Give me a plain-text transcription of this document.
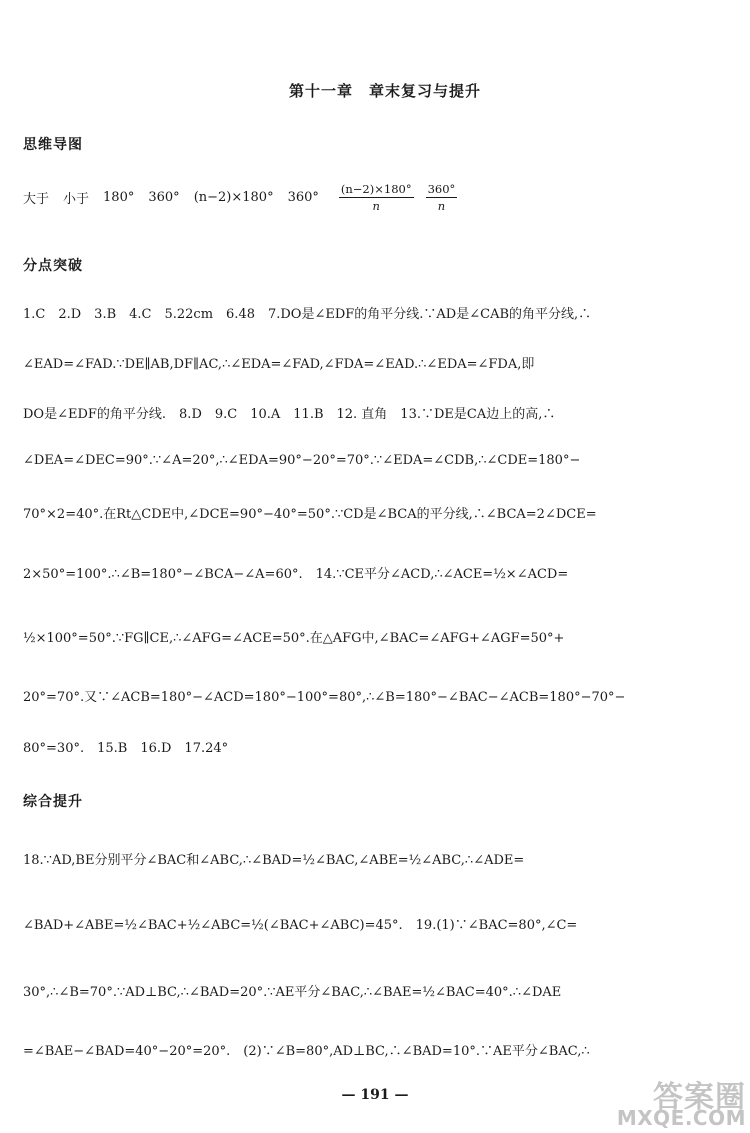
第十一章　章末复习与提升
思维导图
大于 小于 180° 360° (n−2)×180° $360^\circ \frac{(n-2)\times 180^\circ}{n} \frac{360^\circ}{n}$
分点突破
1.C　2.D　3.B　4.C　5.22cm　6.48　7.DO是∠EDF的角平分线.∵AD是∠CAB的角平分线,∴
∠EAD=∠FAD.∵DE∥AB,DF∥AC,∴∠EDA=∠FAD,∠FDA=∠EAD.∴∠EDA=∠FDA,即
DO是∠EDF的角平分线.　8.D　9.C　10.A　11.B　12. 直角　13.∵DE是CA边上的高,∴
∠DEA=∠DEC=90°.∵∠A=20°,∴∠EDA=90°−20°=70°.∵∠EDA=∠CDB,∴∠CDE=180°−
70°×2=40°.在Rt△CDE中,∠DCE=90°−40°=50°.∵CD是∠BCA的平分线,∴∠BCA=2∠DCE=
2×50°=100°.∴∠B=180°−∠BCA−∠A=60°.　14.∵CE平分∠ACD,∴∠ACE=½×∠ACD=
½×100°=50°.∵FG∥CE,∴∠AFG=∠ACE=50°.在△AFG中,∠BAC=∠AFG+∠AGF=50°+
20°=70°.又∵∠ACB=180°−∠ACD=180°−100°=80°,∴∠B=180°−∠BAC−∠ACB=180°−70°−
80°=30°.　15.B　16.D　17.24°
综合提升
18.∵AD,BE分别平分∠BAC和∠ABC,∴∠BAD=½∠BAC,∠ABE=½∠ABC,∴∠ADE=
∠BAD+∠ABE=½∠BAC+½∠ABC=½(∠BAC+∠ABC)=45°.　19.(1)∵∠BAC=80°,∠C=
30°,∴∠B=70°.∵AD⊥BC,∴∠BAD=20°.∵AE平分∠BAC,∴∠BAE=½∠BAC=40°.∴∠DAE
=∠BAE−∠BAD=40°−20°=20°.　(2)∵∠B=80°,AD⊥BC,∴∠BAD=10°.∵AE平分∠BAC,∴
— 191 —	答案圈
MXQE.COM
